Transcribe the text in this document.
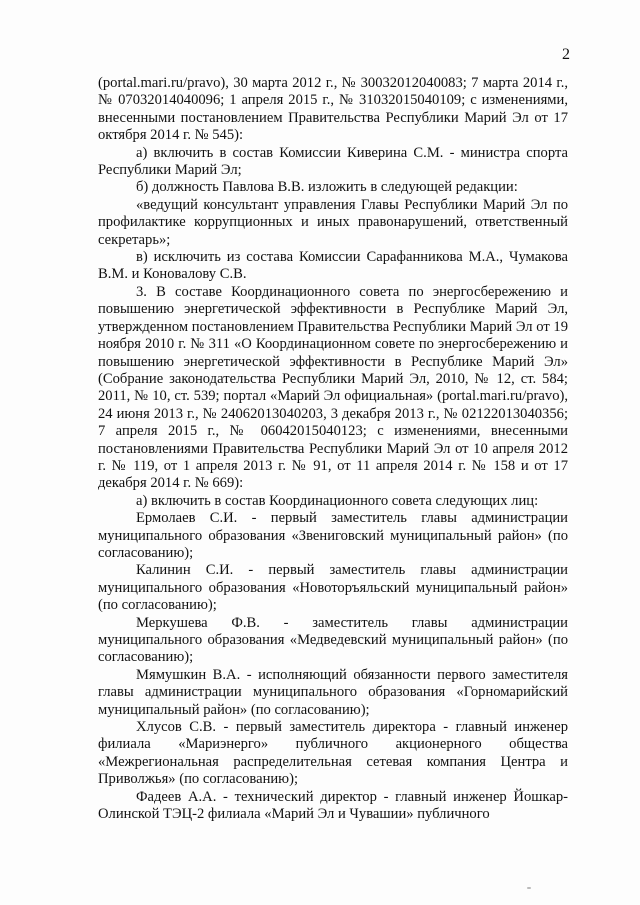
2

(portal.mari.ru/pravo), 30 марта 2012 г., № 30032012040083; 7 марта 2014 г., № 07032014040096; 1 апреля 2015 г., № 31032015040109; с изменениями, внесенными постановлением Правительства Республики Марий Эл от 17 октября 2014 г. № 545):

а) включить в состав Комиссии Киверина С.М. - министра спорта Республики Марий Эл;

б) должность Павлова В.В. изложить в следующей редакции:

«ведущий консультант управления Главы Республики Марий Эл по профилактике коррупционных и иных правонарушений, ответственный секретарь»;

в) исключить из состава Комиссии Сарафанникова М.А., Чумакова В.М. и Коновалову С.В.

3. В составе Координационного совета по энергосбережению и повышению энергетической эффективности в Республике Марий Эл, утвержденном постановлением Правительства Республики Марий Эл от 19 ноября 2010 г. № 311 «О Координационном совете по энергосбережению и повышению энергетической эффективности в Республике Марий Эл» (Собрание законодательства Республики Марий Эл, 2010, № 12, ст. 584; 2011, № 10, ст. 539; портал «Марий Эл официальная» (portal.mari.ru/pravo), 24 июня 2013 г., № 24062013040203, 3 декабря 2013 г., № 02122013040356; 7 апреля 2015 г., № 06042015040123; с изменениями, внесенными постановлениями Правительства Республики Марий Эл от 10 апреля 2012 г. № 119, от 1 апреля 2013 г. № 91, от 11 апреля 2014 г. № 158 и от 17 декабря 2014 г. № 669):

а) включить в состав Координационного совета следующих лиц:

Ермолаев С.И. - первый заместитель главы администрации муниципального образования «Звениговский муниципальный район» (по согласованию);

Калинин С.И. - первый заместитель главы администрации муниципального образования «Новоторъяльский муниципальный район» (по согласованию);

Меркушева Ф.В. - заместитель главы администрации муниципального образования «Медведевский муниципальный район» (по согласованию);

Мямушкин В.А. - исполняющий обязанности первого заместителя главы администрации муниципального образования «Горномарийский муниципальный район» (по согласованию);

Хлусов С.В. - первый заместитель директора - главный инженер филиала «Мариэнерго» публичного акционерного общества «Межрегиональная распределительная сетевая компания Центра и Приволжья» (по согласованию);

Фадеев А.А. - технический директор - главный инженер Йошкар-Олинской ТЭЦ-2 филиала «Марий Эл и Чувашии» публичного
